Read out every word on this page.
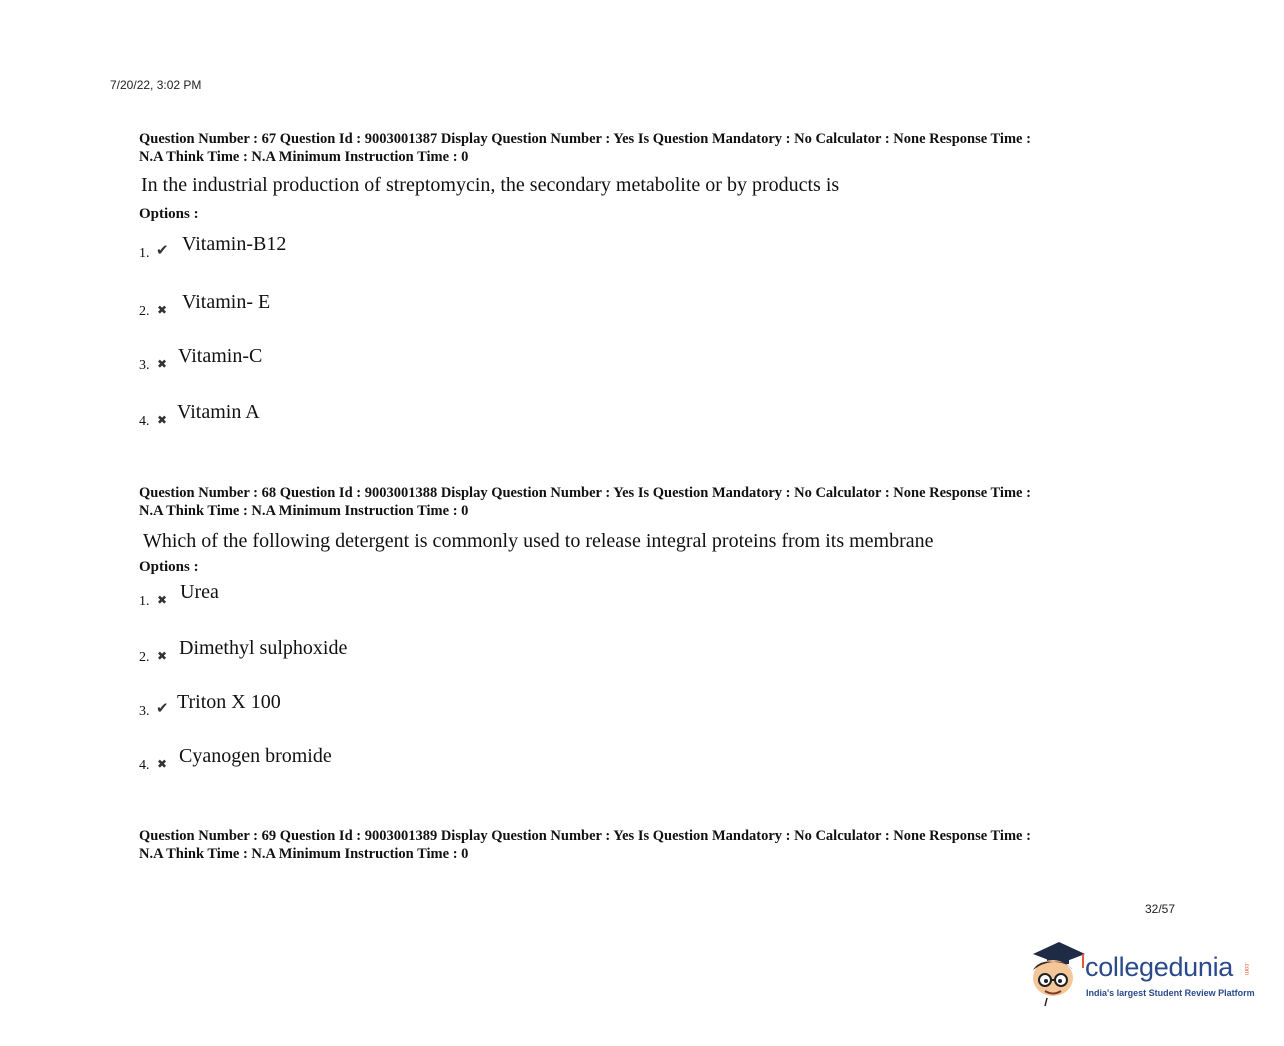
7/20/22, 3:02 PM

Question Number : 67 Question Id : 9003001387 Display Question Number : Yes Is Question Mandatory : No Calculator : None Response Time :

N.A Think Time : N.A Minimum Instruction Time : 0

In the industrial production of streptomycin, the secondary metabolite or by products is

Options :
1. ✔ Vitamin-B12
2. ✖ Vitamin- E
3. ✖ Vitamin-C
4. ✖ Vitamin A

Question Number : 68 Question Id : 9003001388 Display Question Number : Yes Is Question Mandatory : No Calculator : None Response Time :

N.A Think Time : N.A Minimum Instruction Time : 0

Which of the following detergent is commonly used to release integral proteins from its membrane

Options :
1. ✖ Urea
2. ✖ Dimethyl sulphoxide
3. ✔ Triton X 100
4. ✖ Cyanogen bromide

Question Number : 69 Question Id : 9003001389 Display Question Number : Yes Is Question Mandatory : No Calculator : None Response Time :

N.A Think Time : N.A Minimum Instruction Time : 0

32/57
collegedunia .com
India's largest Student Review Platform
